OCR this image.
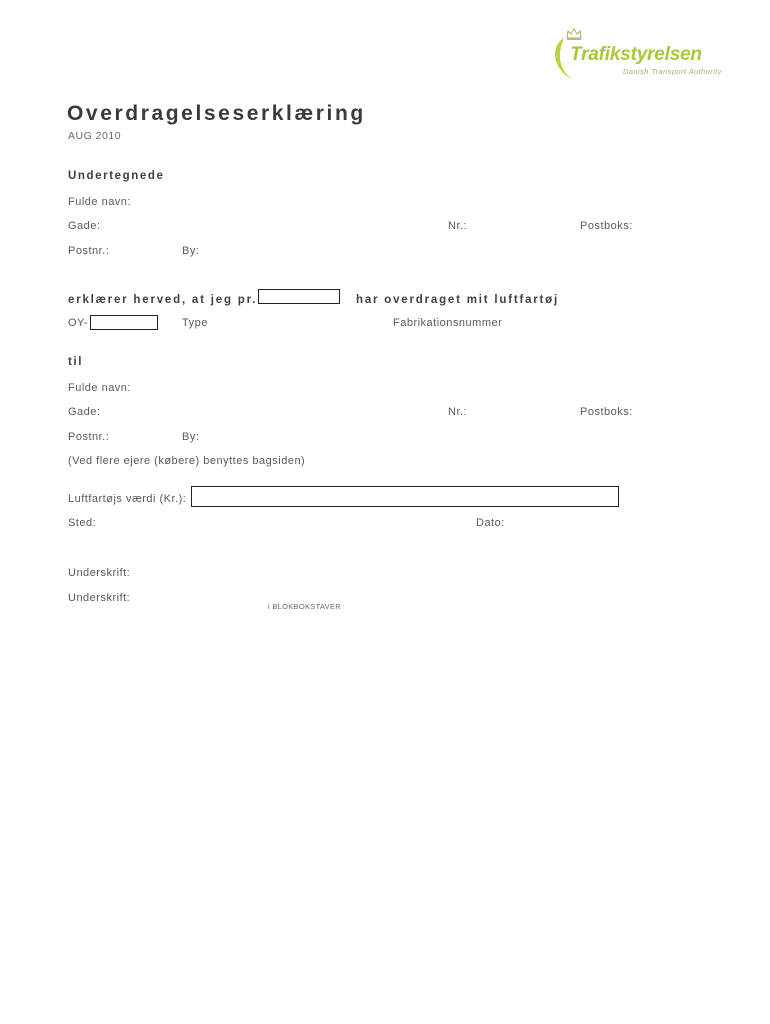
Trafikstyrelsen
Danish Transport Authority
Overdragelseserklæring
AUG 2010
Undertegnede
Fulde navn:
Gade:	Nr.:	Postboks:
Postnr.:	By:
erklærer herved, at jeg pr.	har overdraget mit luftfartøj
OY-	Type	Fabrikationsnummer
til
Fulde navn:
Gade:	Nr.:	Postboks:
Postnr.:	By:
(Ved flere ejere (købere) benyttes bagsiden)
Luftfartøjs værdi (Kr.):
Sted:	Dato:
Underskrift:
Underskrift:
i BLOKBOKSTAVER
